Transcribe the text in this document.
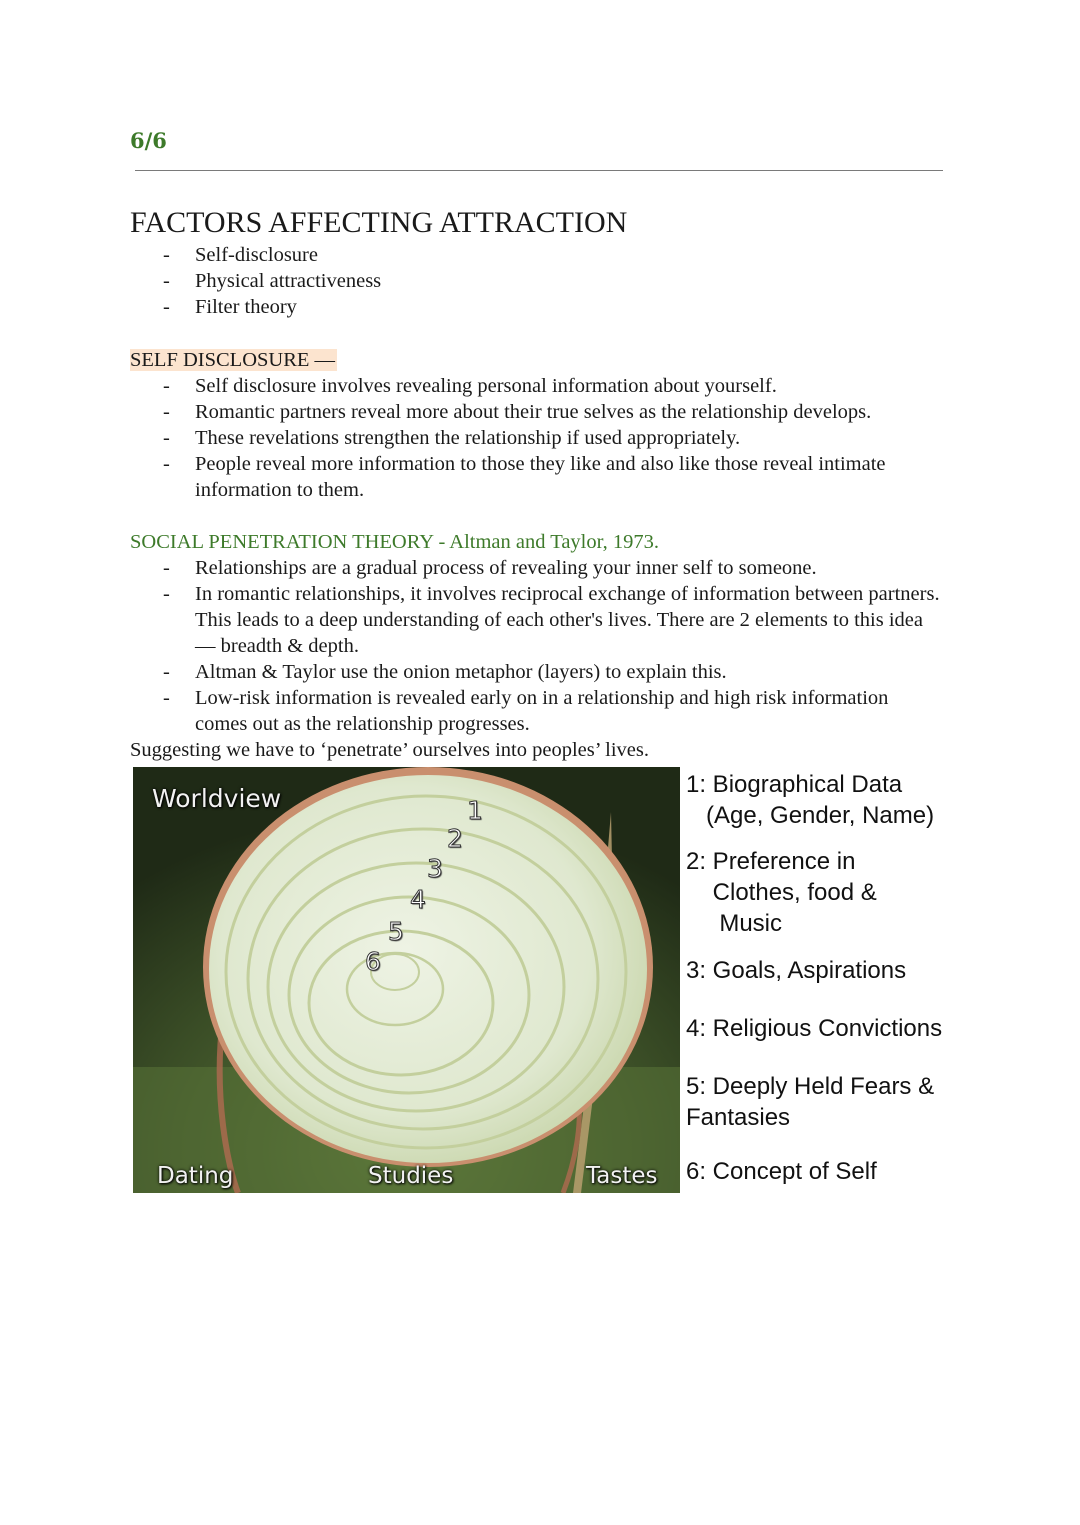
6/6
FACTORS AFFECTING ATTRACTION
- Self-disclosure
- Physical attractiveness
- Filter theory

SELF DISCLOSURE —

- Self disclosure involves revealing personal information about yourself.
- Romantic partners reveal more about their true selves as the relationship develops.
- These revelations strengthen the relationship if used appropriately.
- People reveal more information to those they like and also like those reveal intimate information to them.

SOCIAL PENETRATION THEORY - Altman and Taylor, 1973.

- Relationships are a gradual process of revealing your inner self to someone.
- In romantic relationships, it involves reciprocal exchange of information between partners. This leads to a deep understanding of each other's lives. There are 2 elements to this idea — breadth & depth.
- Altman & Taylor use the onion metaphor (layers) to explain this.
- Low-risk information is revealed early on in a relationship and high risk information comes out as the relationship progresses.
Suggesting we have to ‘penetrate’ ourselves into peoples’ lives.
Worldview
Dating	Studies	Tastes
1
2
3
4
5
6
1: Biographical Data
(Age, Gender, Name)
2: Preference in
Clothes, food &
Music
3: Goals, Aspirations
4: Religious Convictions
5: Deeply Held Fears &
Fantasies
6: Concept of Self
